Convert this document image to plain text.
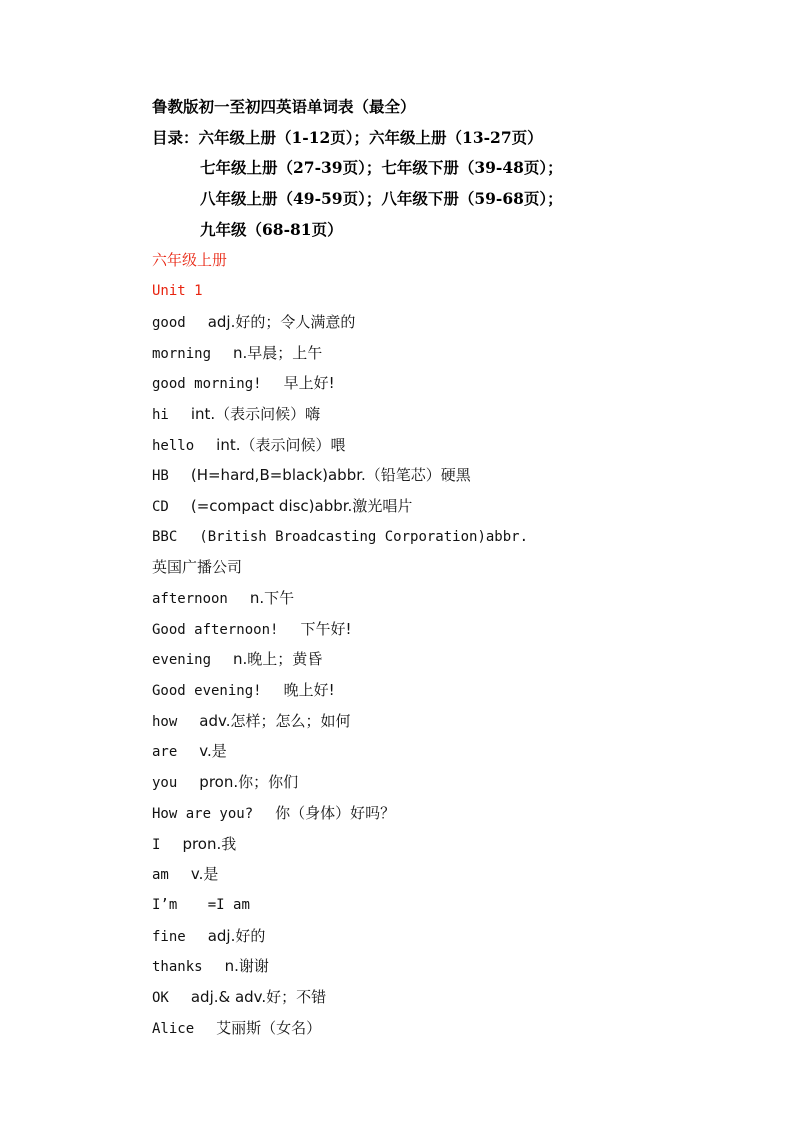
鲁教版初一至初四英语单词表（最全）
目录：六年级上册（1-12页）；六年级上册（13-27页）
七年级上册（27-39页）；七年级下册（39-48页）；
八年级上册（49-59页）；八年级下册（59-68页）；
九年级（68-81页）
六年级上册
Unit 1
good adj.好的；令人满意的
morning n.早晨；上午
good morning! 早上好!
hi int.（表示问候）嗨
hello int.（表示问候）喂
HB (H=hard,B=black)abbr.（铅笔芯）硬黑
CD (=compact disc)abbr.激光唱片
BBC (British Broadcasting Corporation)abbr.
英国广播公司
afternoon n.下午
Good afternoon! 下午好!
evening n.晚上；黄昏
Good evening! 晚上好!
how adv.怎样；怎么；如何
are v.是
you pron.你；你们
How are you? 你（身体）好吗？
I pron.我
am v.是
I’m =I am
fine adj.好的
thanks n.谢谢
OK adj.& adv.好；不错
Alice 艾丽斯（女名）
